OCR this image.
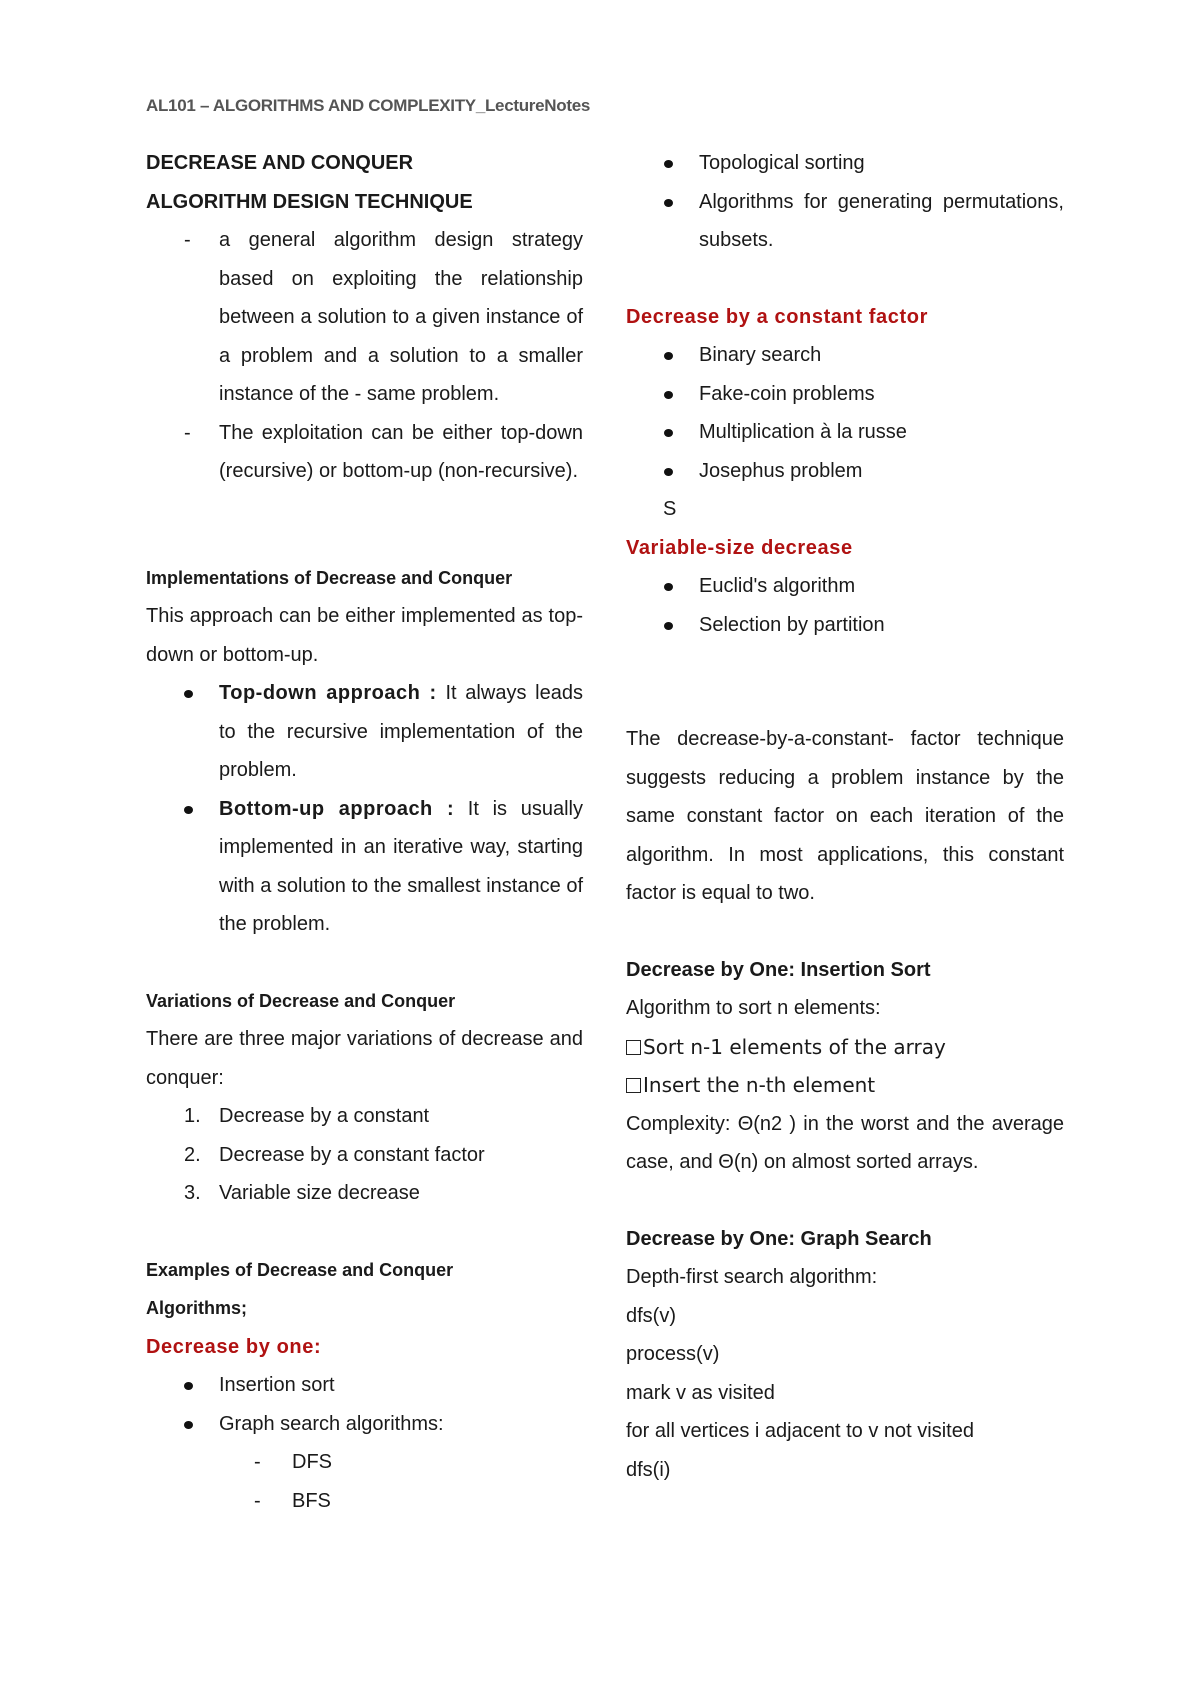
AL101 – ALGORITHMS AND COMPLEXITY_LectureNotes
DECREASE AND CONQUER
ALGORITHM DESIGN TECHNIQUE
- a general algorithm design strategy based on exploiting the relationship between a solution to a given instance of a problem and a solution to a smaller instance of the - same problem.
- The exploitation can be either top-down (recursive) or bottom-up (non-recursive).
Implementations of Decrease and Conquer
This approach can be either implemented as top-down or bottom-up.
Top-down approach : It always leads to the recursive implementation of the problem.
Bottom-up approach : It is usually implemented in an iterative way, starting with a solution to the smallest instance of the problem.
Variations of Decrease and Conquer
There are three major variations of decrease and conquer:
1. Decrease by a constant
2. Decrease by a constant factor
3. Variable size decrease
Examples of Decrease and Conquer
Algorithms;
Decrease by one:
Insertion sort
Graph search algorithms:
- DFS
- BFS
Topological sorting
Algorithms for generating permutations, subsets.
Decrease by a constant factor
Binary search
Fake-coin problems
Multiplication à la russe
Josephus problem
S
Variable-size decrease
Euclid's algorithm
Selection by partition
The decrease-by-a-constant- factor technique suggests reducing a problem instance by the same constant factor on each iteration of the algorithm. In most applications, this constant factor is equal to two.
Decrease by One: Insertion Sort
Algorithm to sort n elements:
Sort n-1 elements of the array
Insert the n-th element
Complexity: Θ(n2 ) in the worst and the average case, and Θ(n) on almost sorted arrays.
Decrease by One: Graph Search
Depth-first search algorithm:
dfs(v)
process(v)
mark v as visited
for all vertices i adjacent to v not visited
dfs(i)
